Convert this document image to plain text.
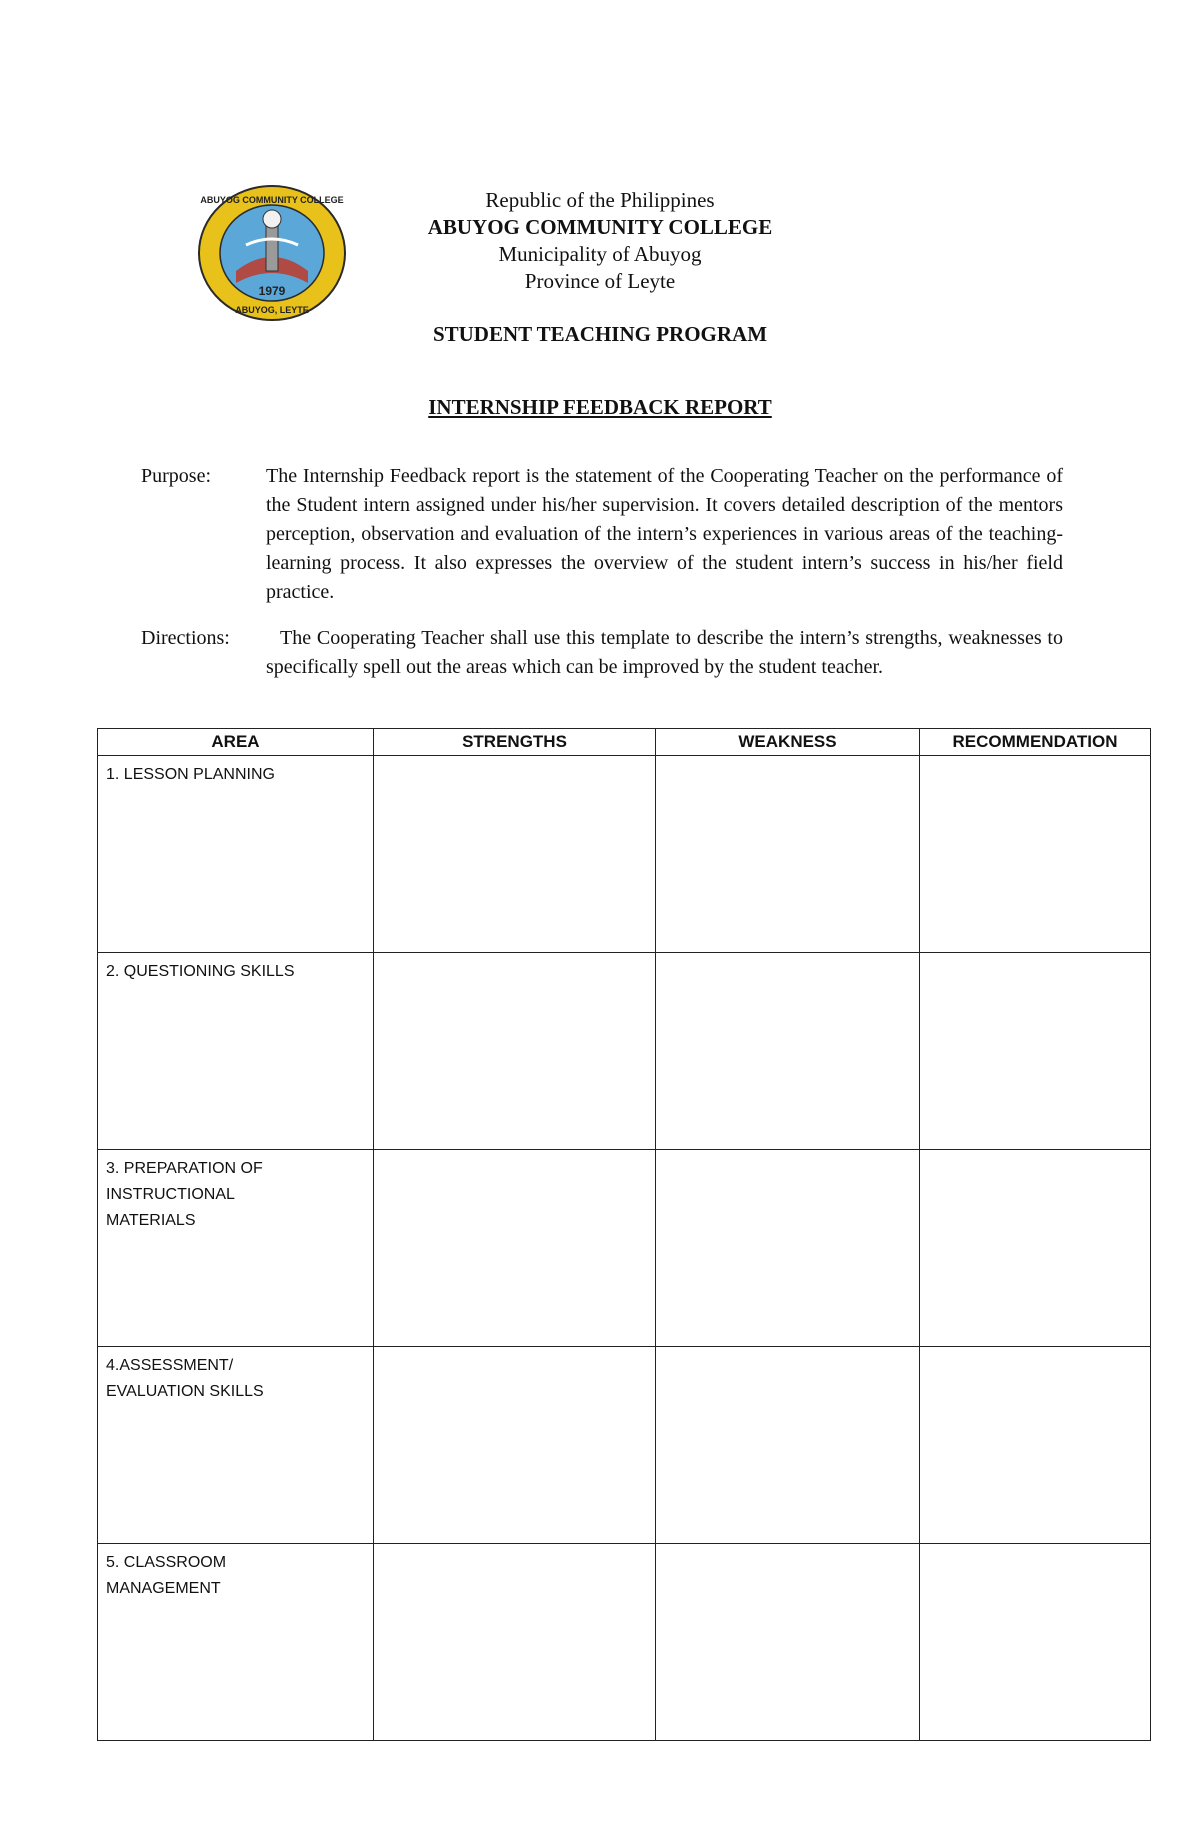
1979
ABUYOG COMMUNITY COLLEGE
ABUYOG, LEYTE
Republic of the Philippines
ABUYOG COMMUNITY COLLEGE
Municipality of Abuyog
Province of Leyte
STUDENT TEACHING PROGRAM
INTERNSHIP FEEDBACK REPORT
Purpose:	The Internship Feedback report is the statement of the Cooperating Teacher on the performance of the Student intern assigned under his/her supervision. It covers detailed description of the mentors perception, observation and evaluation of the intern’s experiences in various areas of the teaching-learning process. It also expresses the overview of the student intern’s success in his/her field practice.
Directions:	The Cooperating Teacher shall use this template to describe the intern’s strengths, weaknesses to specifically spell out the areas which can be improved by the student teacher.
AREA	STRENGTHS	WEAKNESS	RECOMMENDATION

1. LESSON PLANNING			

2. QUESTIONING SKILLS			

3. PREPARATION OF
INSTRUCTIONAL
MATERIALS			

4.ASSESSMENT/
EVALUATION SKILLS			

5. CLASSROOM
MANAGEMENT			
